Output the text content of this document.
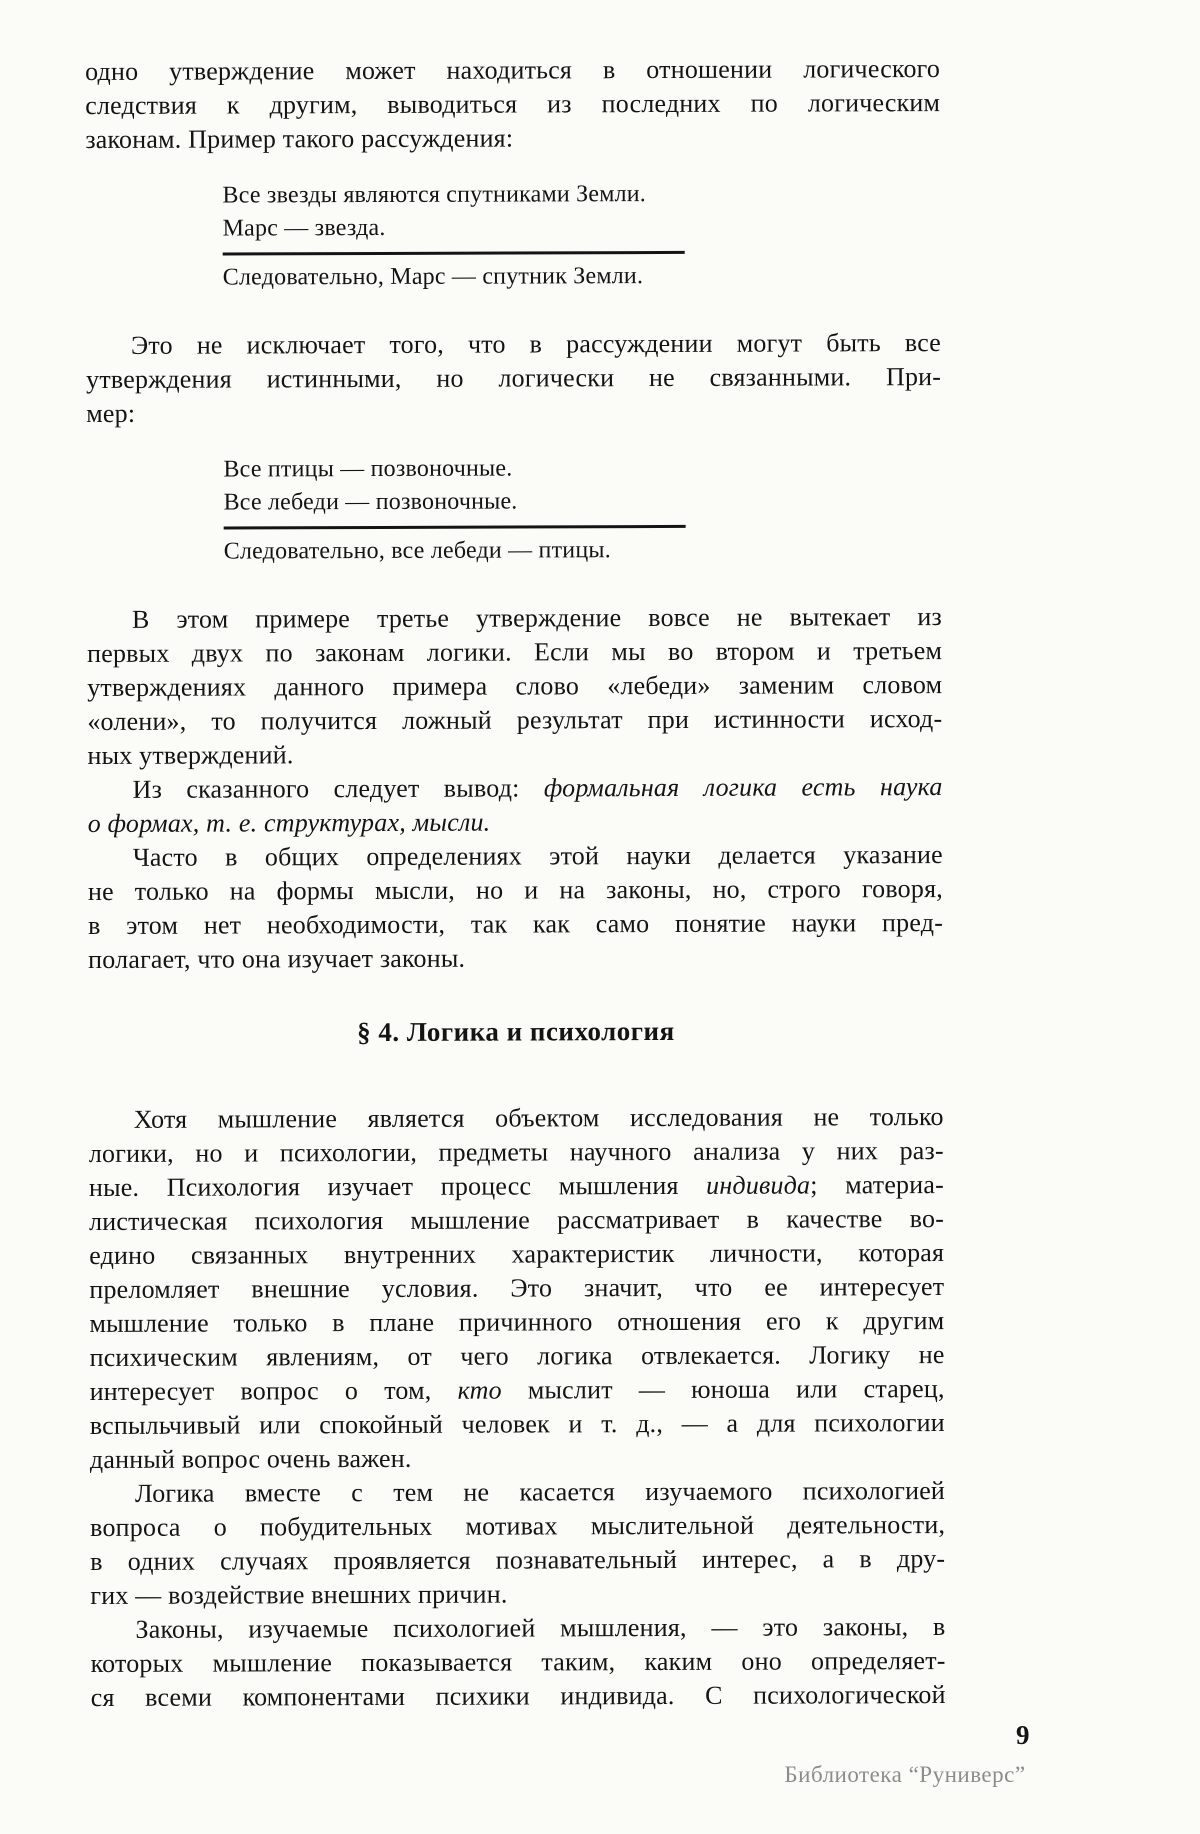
одно утверждение может находиться в отношении логического
следствия к другим, выводиться из последних по логическим
законам. Пример такого рассуждения:
Все звезды являются спутниками Земли.
Марс — звезда.
Следовательно, Марс — спутник Земли.
Это не исключает того, что в рассуждении могут быть все
утверждения истинными, но логически не связанными. При-
мер:
Все птицы — позвоночные.
Все лебеди — позвоночные.
Следовательно, все лебеди — птицы.
В этом примере третье утверждение вовсе не вытекает из
первых двух по законам логики. Если мы во втором и третьем
утверждениях данного примера слово «лебеди» заменим словом
«олени», то получится ложный результат при истинности исход-
ных утверждений.
Из сказанного следует вывод: формальная логика есть наука
о формах, т. е. структурах, мысли.
Часто в общих определениях этой науки делается указание
не только на формы мысли, но и на законы, но, строго говоря,
в этом нет необходимости, так как само понятие науки пред-
полагает, что она изучает законы.
§ 4. Логика и психология
Хотя мышление является объектом исследования не только
логики, но и психологии, предметы научного анализа у них раз-
ные. Психология изучает процесс мышления индивида; материа-
листическая психология мышление рассматривает в качестве во-
едино связанных внутренних характеристик личности, которая
преломляет внешние условия. Это значит, что ее интересует
мышление только в плане причинного отношения его к другим
психическим явлениям, от чего логика отвлекается. Логику не
интересует вопрос о том, кто мыслит — юноша или старец,
вспыльчивый или спокойный человек и т. д., — а для психологии
данный вопрос очень важен.
Логика вместе с тем не касается изучаемого психологией
вопроса о побудительных мотивах мыслительной деятельности,
в одних случаях проявляется познавательный интерес, а в дру-
гих — воздействие внешних причин.
Законы, изучаемые психологией мышления, — это законы, в
которых мышление показывается таким, каким оно определяет-
ся всеми компонентами психики индивида. С психологической
9
Библиотека “Руниверс”
